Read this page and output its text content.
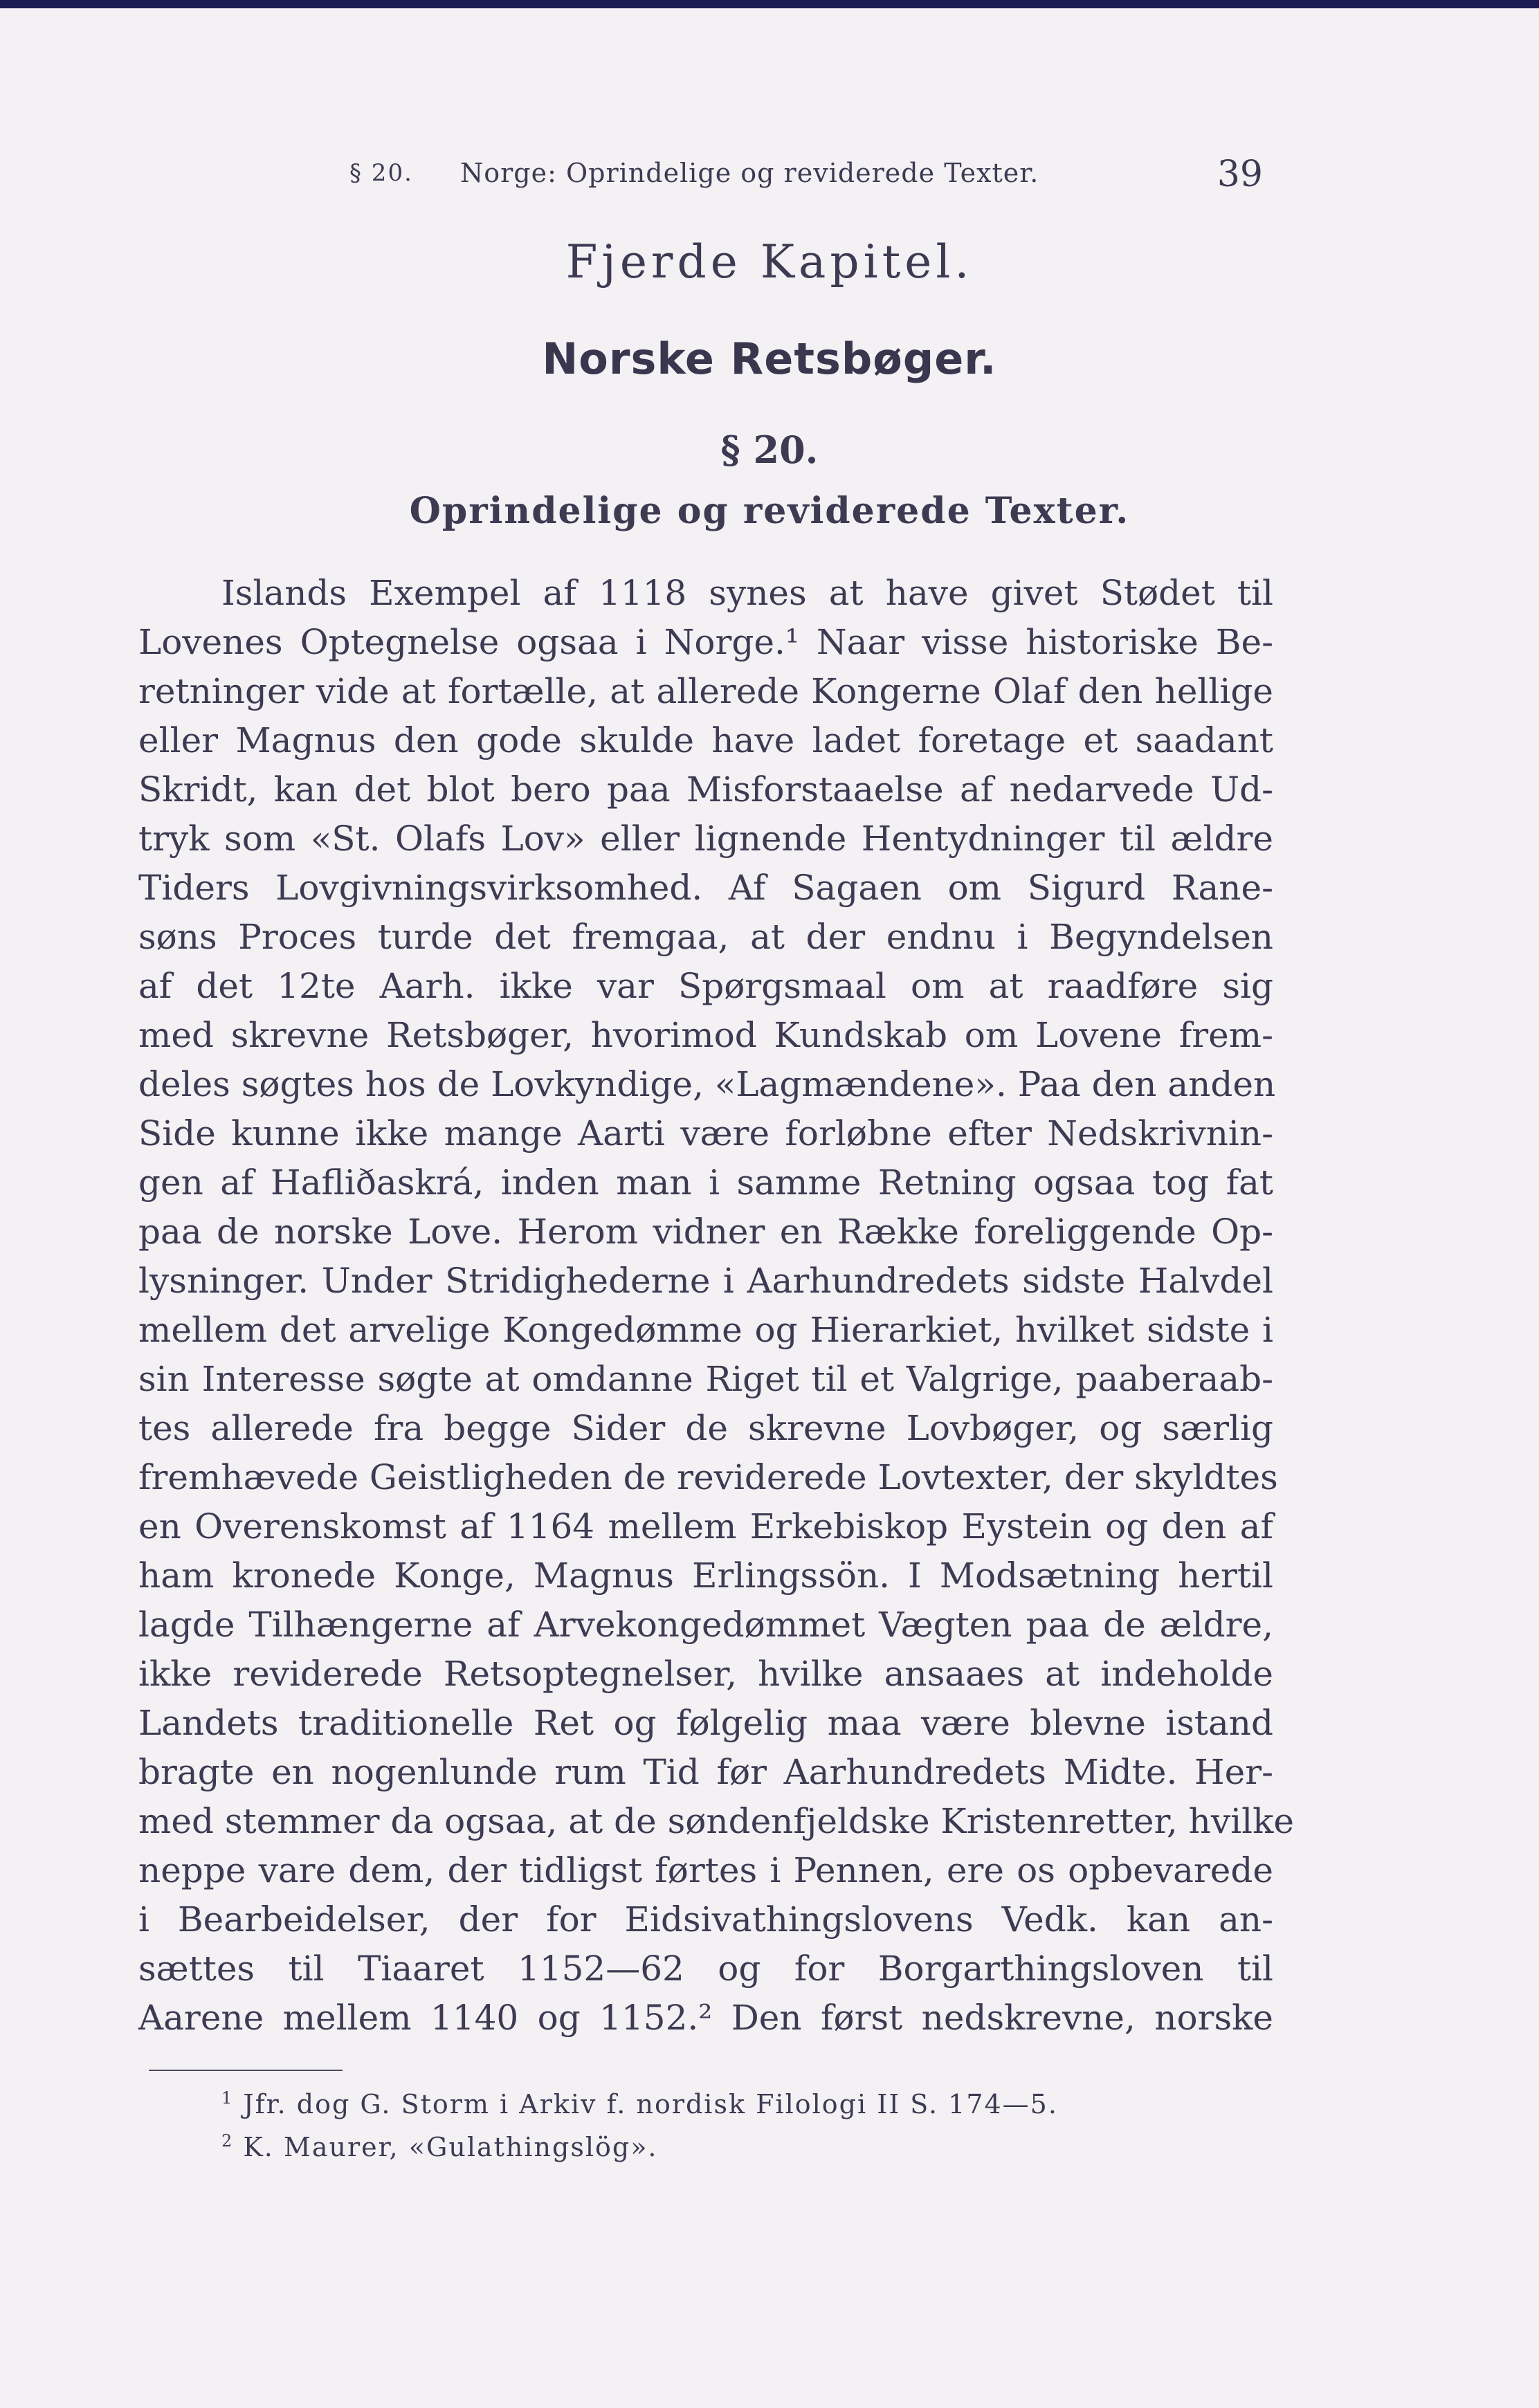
§ 20. Norge: Oprindelige og reviderede Texter.	39
Fjerde Kapitel.
Norske Retsbøger.
§ 20.
Oprindelige og reviderede Texter.
Islands Exempel af 1118 synes at have givet Stødet til
Lovenes Optegnelse ogsaa i Norge.¹ Naar visse historiske Be-
retninger vide at fortælle, at allerede Kongerne Olaf den hellige
eller Magnus den gode skulde have ladet foretage et saadant
Skridt, kan det blot bero paa Misforstaaelse af nedarvede Ud-
tryk som «St. Olafs Lov» eller lignende Hentydninger til ældre
Tiders Lovgivningsvirksomhed. Af Sagaen om Sigurd Rane-
søns Proces turde det fremgaa, at der endnu i Begyndelsen
af det 12te Aarh. ikke var Spørgsmaal om at raadføre sig
med skrevne Retsbøger, hvorimod Kundskab om Lovene frem-
deles søgtes hos de Lovkyndige, «Lagmændene». Paa den anden
Side kunne ikke mange Aarti være forløbne efter Nedskrivnin-
gen af Hafliðaskrá, inden man i samme Retning ogsaa tog fat
paa de norske Love. Herom vidner en Række foreliggende Op-
lysninger. Under Stridighederne i Aarhundredets sidste Halvdel
mellem det arvelige Kongedømme og Hierarkiet, hvilket sidste i
sin Interesse søgte at omdanne Riget til et Valgrige, paaberaab-
tes allerede fra begge Sider de skrevne Lovbøger, og særlig
fremhævede Geistligheden de reviderede Lovtexter, der skyldtes
en Overenskomst af 1164 mellem Erkebiskop Eystein og den af
ham kronede Konge, Magnus Erlingssön. I Modsætning hertil
lagde Tilhængerne af Arvekongedømmet Vægten paa de ældre,
ikke reviderede Retsoptegnelser, hvilke ansaaes at indeholde
Landets traditionelle Ret og følgelig maa være blevne istand
bragte en nogenlunde rum Tid før Aarhundredets Midte. Her-
med stemmer da ogsaa, at de søndenfjeldske Kristenretter, hvilke
neppe vare dem, der tidligst førtes i Pennen, ere os opbevarede
i Bearbeidelser, der for Eidsivathingslovens Vedk. kan an-
sættes til Tiaaret 1152—62 og for Borgarthingsloven til
Aarene mellem 1140 og 1152.² Den først nedskrevne, norske
$^1$ Jfr. dog G. Storm i Arkiv f. nordisk Filologi II S. 174—5.
$^2$ K. Maurer, «Gulathingslög».
